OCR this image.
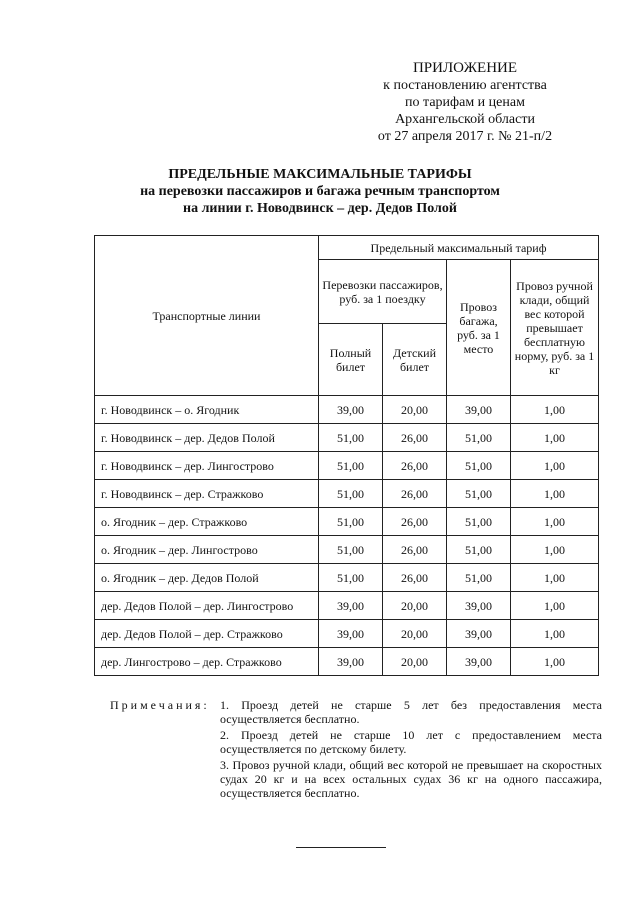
ПРИЛОЖЕНИЕ
к постановлению агентства
по тарифам и ценам
Архангельской области
от 27 апреля 2017 г. № 21-п/2
ПРЕДЕЛЬНЫЕ МАКСИМАЛЬНЫЕ ТАРИФЫ
на перевозки пассажиров и багажа речным транспортом
на линии г. Новодвинск – дер. Дедов Полой
Транспортные линии	Предельный максимальный тариф			
	Перевозки пассажиров, руб. за 1 поездку		Провоз багажа, руб. за 1 место	Провоз ручной клади, общий вес которой превышает бесплатную норму, руб. за 1 кг
	Полный билет	Детский билет		
г. Новодвинск – о. Ягодник	39,00	20,00	39,00	1,00
г. Новодвинск – дер. Дедов Полой	51,00	26,00	51,00	1,00
г. Новодвинск – дер. Лингострово	51,00	26,00	51,00	1,00
г. Новодвинск – дер. Стражково	51,00	26,00	51,00	1,00
о. Ягодник – дер. Стражково	51,00	26,00	51,00	1,00
о. Ягодник – дер. Лингострово	51,00	26,00	51,00	1,00
о. Ягодник – дер. Дедов Полой	51,00	26,00	51,00	1,00
дер. Дедов Полой – дер. Лингострово	39,00	20,00	39,00	1,00
дер. Дедов Полой – дер. Стражково	39,00	20,00	39,00	1,00
дер. Лингострово – дер. Стражково	39,00	20,00	39,00	1,00
Примечания: 1. Проезд детей не старше 5 лет без предоставления места осуществляется бесплатно.
2. Проезд детей не старше 10 лет с предоставлением места осуществляется по детскому билету.
3. Провоз ручной клади, общий вес которой не превышает на скоростных судах 20 кг и на всех остальных судах 36 кг на одного пассажира, осуществляется бесплатно.
